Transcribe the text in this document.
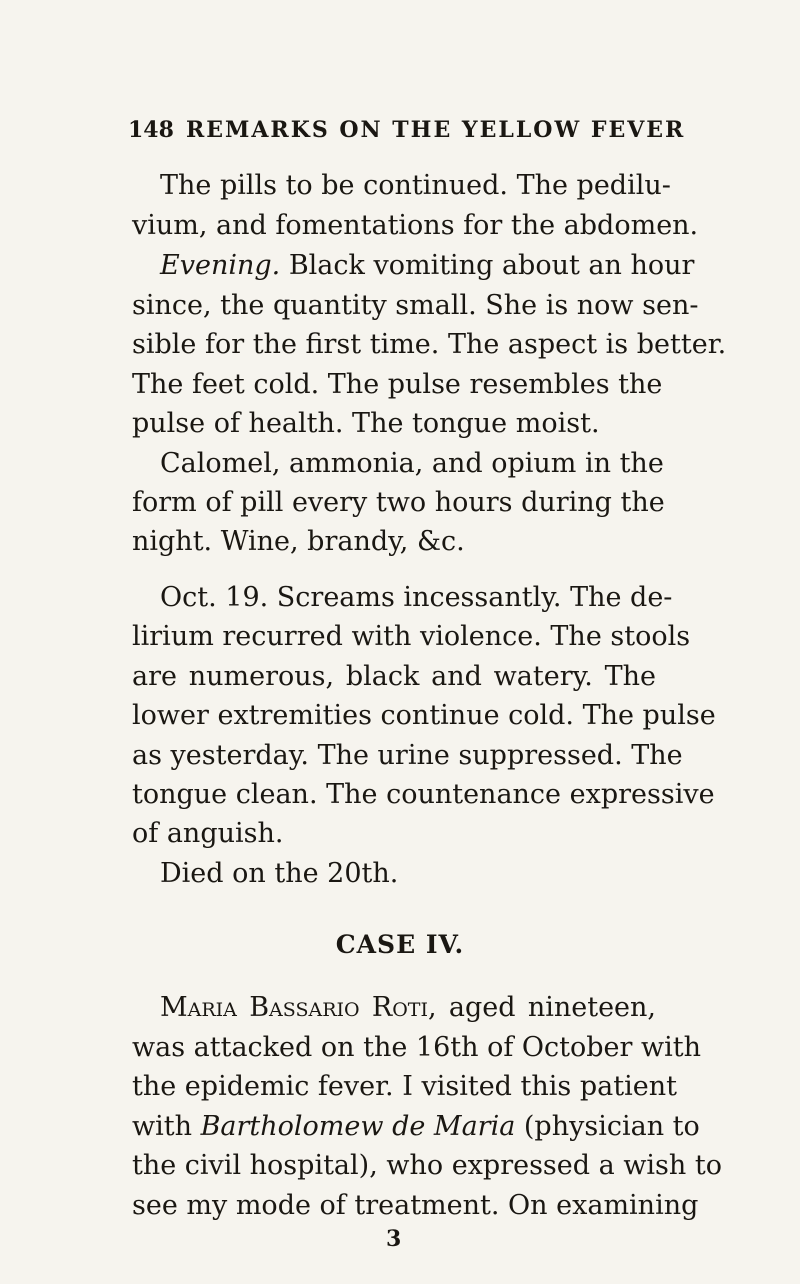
148 REMARKS ON THE YELLOW FEVER
The pills to be continued. The pedilu-
vium, and fomentations for the abdomen.
Evening. Black vomiting about an hour
since, the quantity small. She is now sen-
sible for the first time. The aspect is better.
The feet cold. The pulse resembles the
pulse of health. The tongue moist.
Calomel, ammonia, and opium in the
form of pill every two hours during the
night. Wine, brandy, &c.
Oct. 19. Screams incessantly. The de-
lirium recurred with violence. The stools
are numerous, black and watery. The
lower extremities continue cold. The pulse
as yesterday. The urine suppressed. The
tongue clean. The countenance expressive
of anguish.
Died on the 20th.
CASE IV.
Maria Bassario Roti, aged nineteen,
was attacked on the 16th of October with
the epidemic fever. I visited this patient
with Bartholomew de Maria (physician to
the civil hospital), who expressed a wish to
see my mode of treatment. On examining
3
